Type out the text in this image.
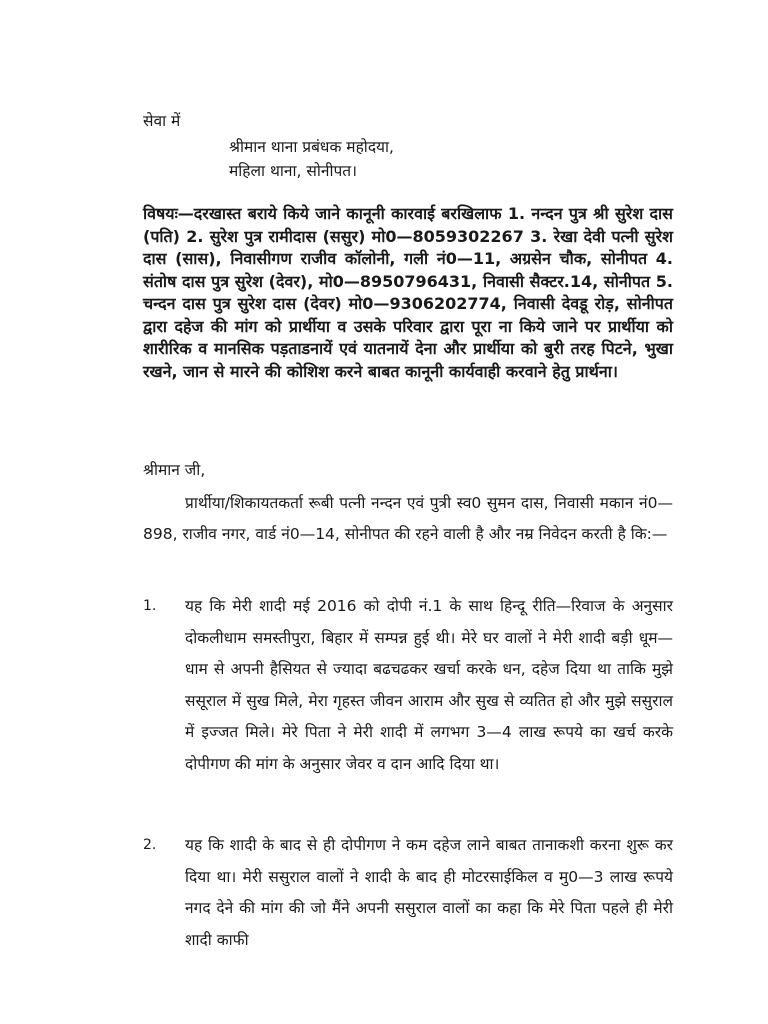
सेवा में
श्रीमान थाना प्रबंधक महोदया,
महिला थाना, सोनीपत।

विषयः—दरखास्त बराये किये जाने कानूनी कारवाई बरखिलाफ 1. नन्दन पुत्र श्री सुरेश दास (पति) 2. सुरेश पुत्र रामीदास (ससुर) मो0—8059302267 3. रेखा देवी पत्नी सुरेश दास (सास), निवासीगण राजीव कॉलोनी, गली नं0—11, अग्रसेन चौक, सोनीपत 4. संतोष दास पुत्र सुरेश (देवर), मो0—8950796431, निवासी सैक्टर.14, सोनीपत 5. चन्दन दास पुत्र सुरेश दास (देवर) मो0—9306202774, निवासी देवडू रोड़, सोनीपत द्वारा दहेज की मांग को प्रार्थीया व उसके परिवार द्वारा पूरा ना किये जाने पर प्रार्थीया को शारीरिक व मानसिक पड़ताडनायें एवं यातनायें देना और प्रार्थीया को बुरी तरह पिटने, भुखा रखने, जान से मारने की कोशिश करने बाबत कानूनी कार्यवाही करवाने हेतु प्रार्थना।

श्रीमान जी,

प्रार्थीया/शिकायतकर्ता रूबी पत्नी नन्दन एवं पुत्री स्व0 सुमन दास, निवासी मकान नं0—898, राजीव नगर, वार्ड नं0—14, सोनीपत की रहने वाली है और नम्र निवेदन करती है कि:—

1. यह कि मेरी शादी मई 2016 को दोपी नं.1 के साथ हिन्दू रीति—रिवाज के अनुसार दोकलीधाम समस्तीपुरा, बिहार में सम्पन्न हुई थी। मेरे घर वालों ने मेरी शादी बड़ी धूम—धाम से अपनी हैसियत से ज्यादा बढचढकर खर्चा करके धन, दहेज दिया था ताकि मुझे ससूराल में सुख मिले, मेरा गृहस्त जीवन आराम और सुख से व्यतित हो और मुझे ससुराल में इज्जत मिले। मेरे पिता ने मेरी शादी में लगभग 3—4 लाख रूपये का खर्च करके दोपीगण की मांग के अनुसार जेवर व दान आदि दिया था।

2. यह कि शादी के बाद से ही दोपीगण ने कम दहेज लाने बाबत तानाकशी करना शुरू कर दिया था। मेरी ससुराल वालों ने शादी के बाद ही मोटरसाईकिल व मु0—3 लाख रूपये नगद देने की मांग की जो मैंने अपनी ससुराल वालों का कहा कि मेरे पिता पहले ही मेरी शादी काफी
